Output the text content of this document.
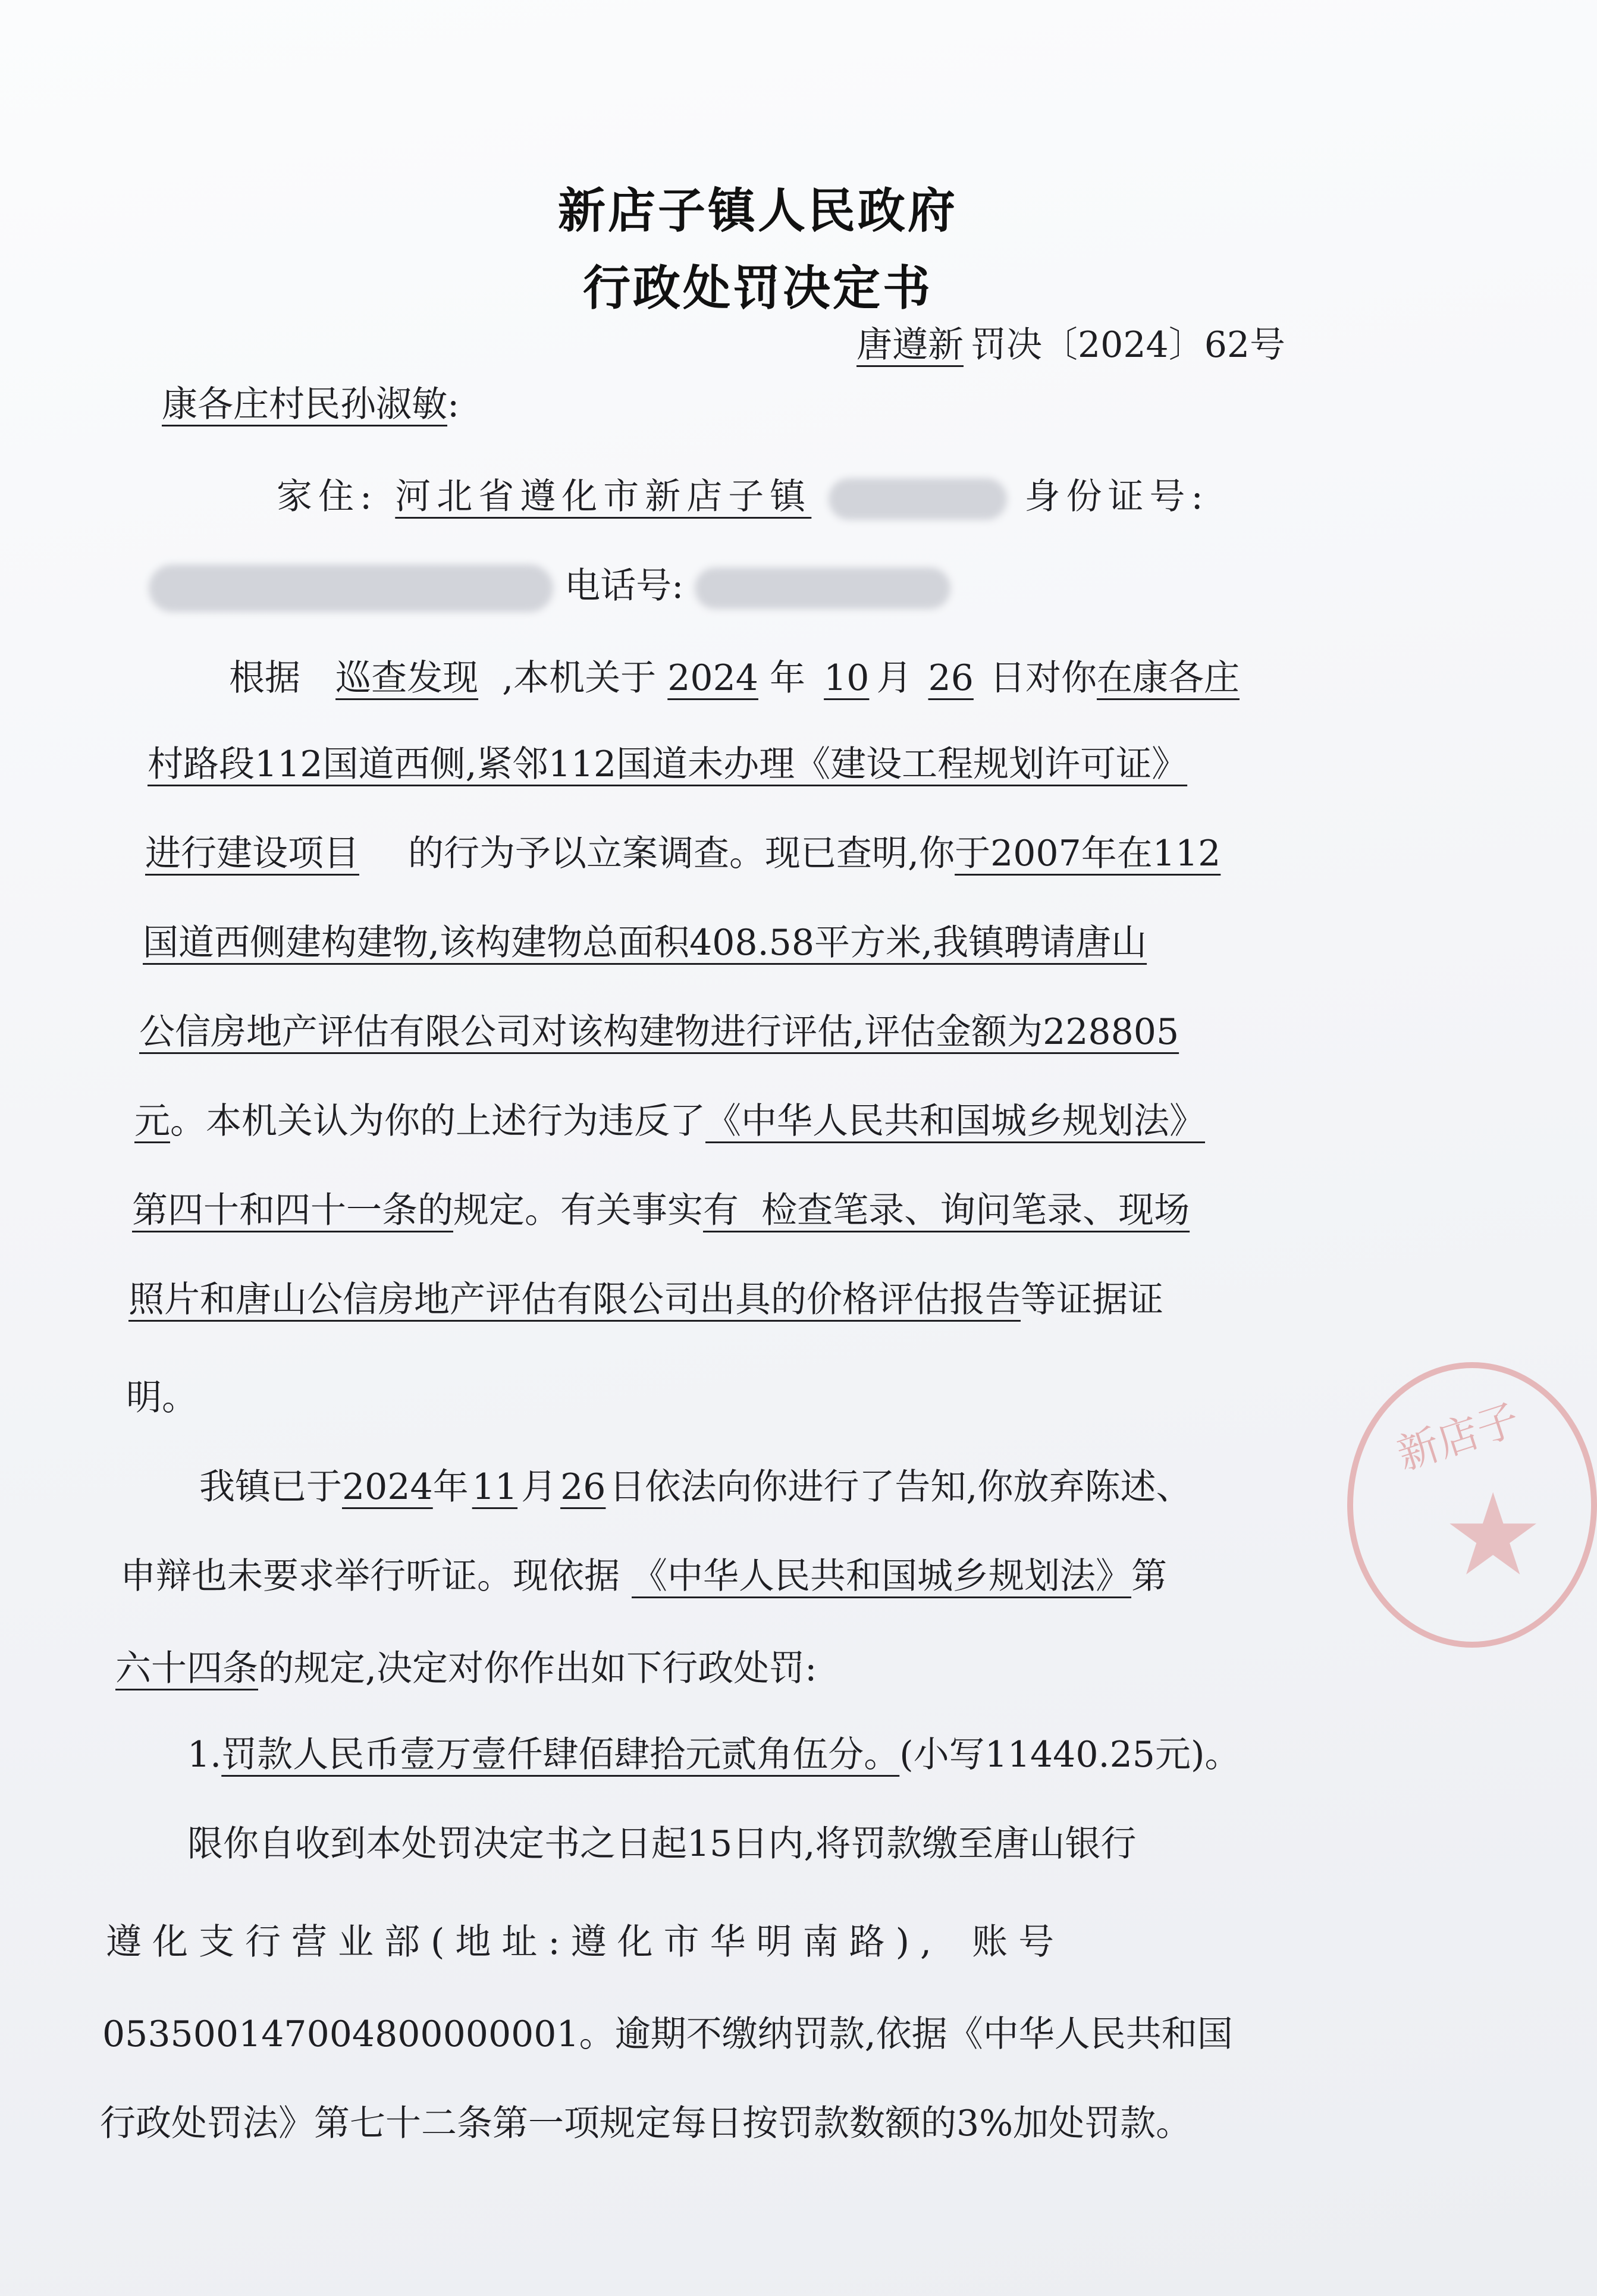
新店子镇人民政府
行政处罚决定书
唐遵新 罚决〔2024〕62号
康各庄村民孙淑敏:
家住: 河北省遵化市新店子镇	身份证号:
电话号:
根据 巡查发现 ,本机关于 2024 年 10 月 26 日对你在康各庄
村路段112国道西侧,紧邻112国道未办理《建设工程规划许可证》
进行建设项目 的行为予以立案调查。现已查明,你于2007年在112
国道西侧建构建物,该构建物总面积408.58平方米,我镇聘请唐山
公信房地产评估有限公司对该构建物进行评估,评估金额为228805
元。本机关认为你的上述行为违反了《中华人民共和国城乡规划法》
第四十和四十一条的规定。有关事实有  检查笔录、询问笔录、现场
照片和唐山公信房地产评估有限公司出具的价格评估报告等证据证
明。
我镇已于2024年 11 月 26 日依法向你进行了告知,你放弃陈述、
申辩也未要求举行听证。现依据 《中华人民共和国城乡规划法》第
六十四条的规定,决定对你作出如下行政处罚:
1.罚款人民币壹万壹仟肆佰肆拾元贰角伍分。(小写11440.25元)。
限你自收到本处罚决定书之日起15日内,将罚款缴至唐山银行
遵化支行营业部(地址:遵化市华明南路), 账号
053500147004800000001。逾期不缴纳罚款,依据《中华人民共和国
行政处罚法》第七十二条第一项规定每日按罚款数额的3%加处罚款。
新店子
★
